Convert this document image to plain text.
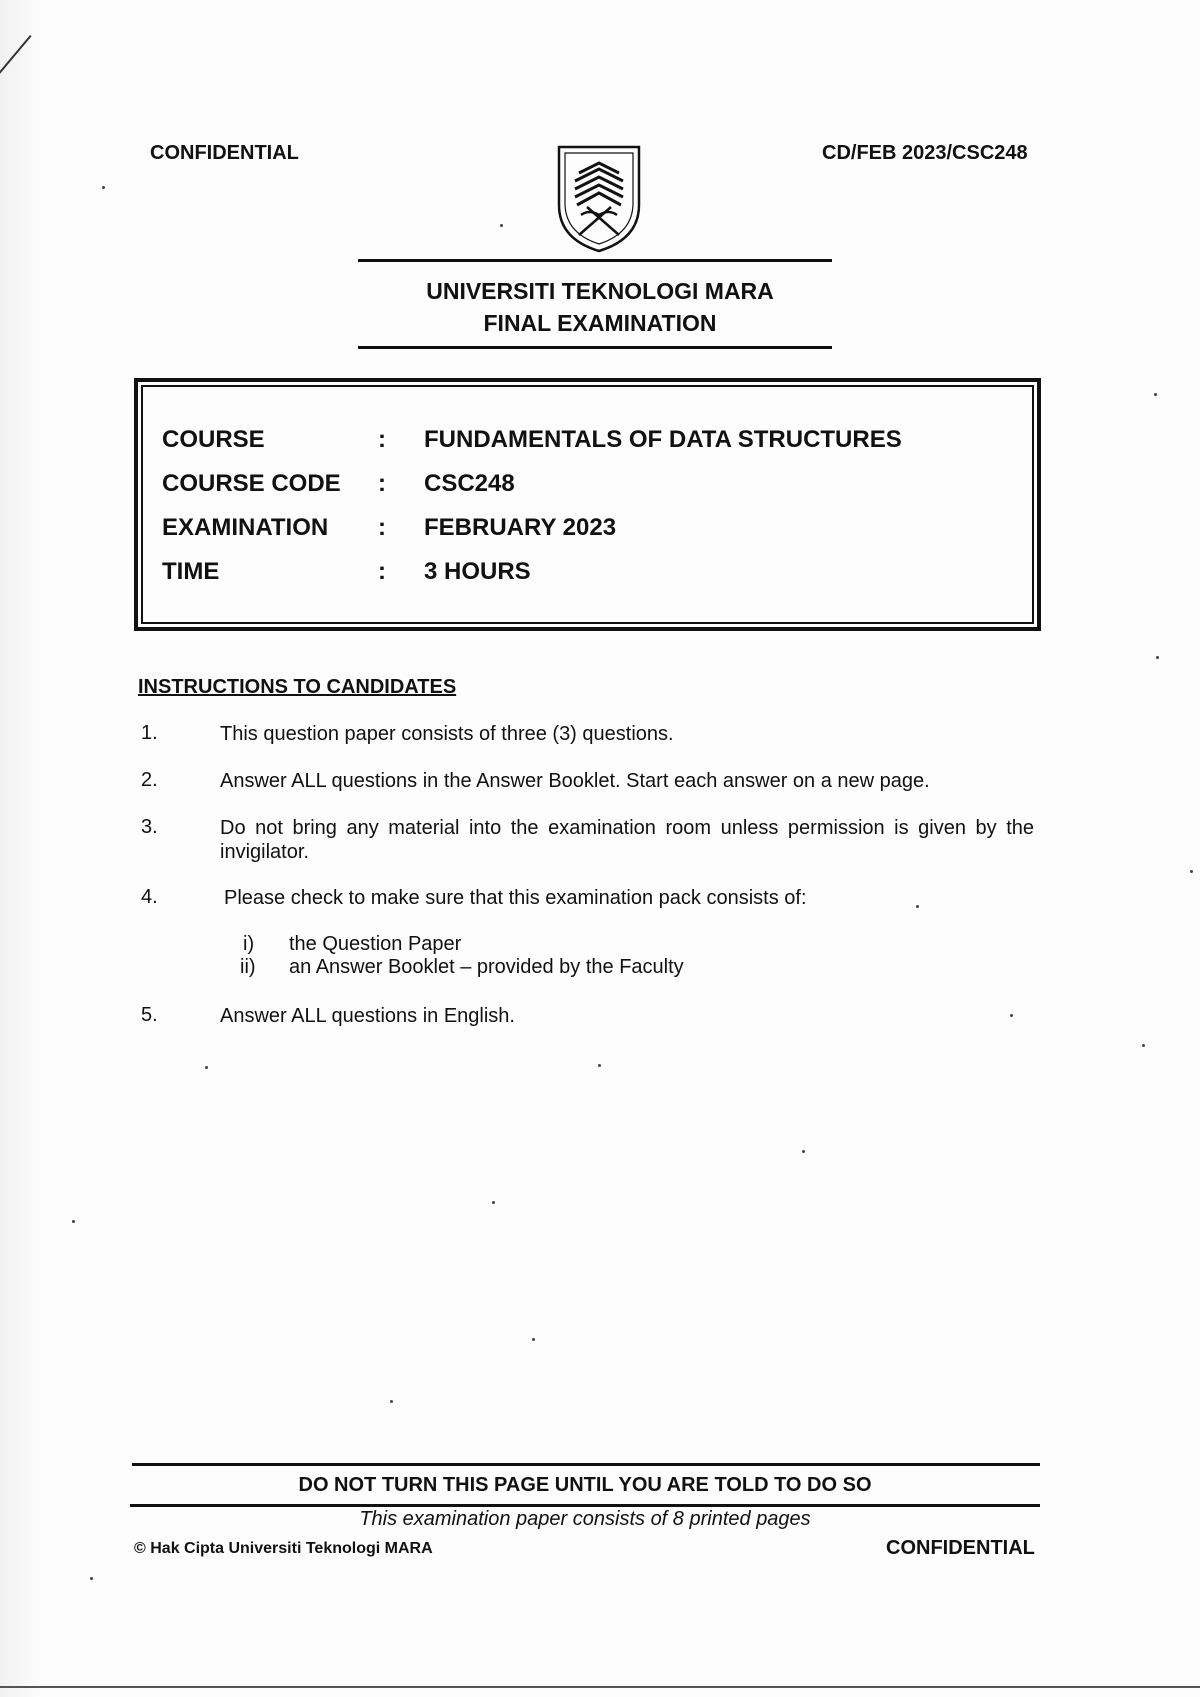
CONFIDENTIAL	CD/FEB 2023/CSC248
UNIVERSITI TEKNOLOGI MARA
FINAL EXAMINATION
COURSE	: FUNDAMENTALS OF DATA STRUCTURES
COURSE CODE : CSC248
EXAMINATION : FEBRUARY 2023
TIME	: 3 HOURS
INSTRUCTIONS TO CANDIDATES
1.	This question paper consists of three (3) questions.
2.	Answer ALL questions in the Answer Booklet. Start each answer on a new page.
3.	Do not bring any material into the examination room unless permission is given by the invigilator.
4.	Please check to make sure that this examination pack consists of:
i) the Question Paper
ii) an Answer Booklet – provided by the Faculty
5.	Answer ALL questions in English.
DO NOT TURN THIS PAGE UNTIL YOU ARE TOLD TO DO SO
This examination paper consists of 8 printed pages
© Hak Cipta Universiti Teknologi MARA	CONFIDENTIAL
